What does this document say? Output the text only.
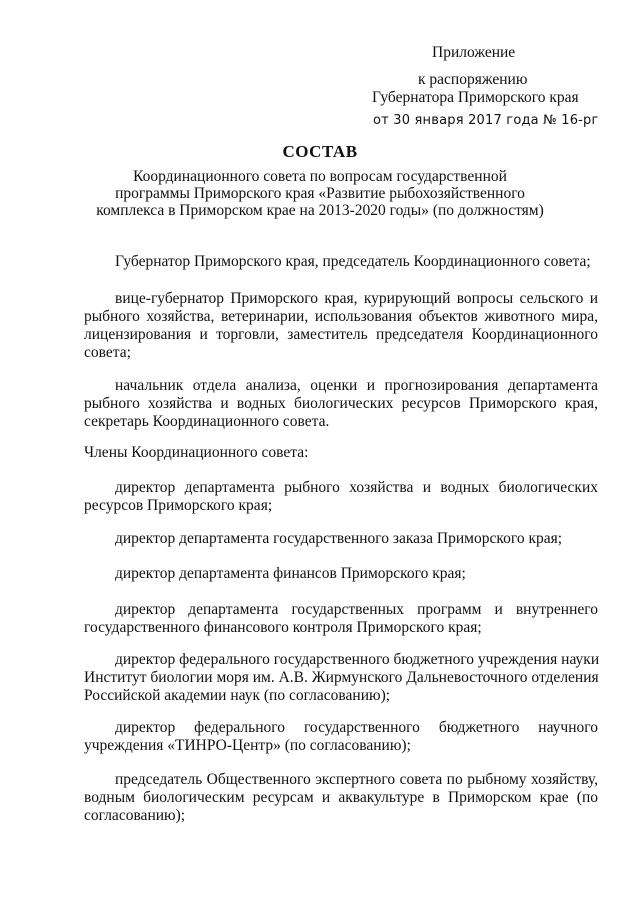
Приложение
к распоряжению
Губернатора Приморского края
от 30 января 2017 года № 16-рг
СОСТАВ
Координационного совета по вопросам государственной
программы Приморского края «Развитие рыбохозяйственного
комплекса в Приморском крае на 2013-2020 годы» (по должностям)
Губернатор Приморского края, председатель Координационного совета;
вице-губернатор Приморского края, курирующий вопросы сельского и
рыбного хозяйства, ветеринарии, использования объектов животного мира,
лицензирования и торговли, заместитель председателя Координационного
совета;
начальник отдела анализа, оценки и прогнозирования департамента
рыбного хозяйства и водных биологических ресурсов Приморского края,
секретарь Координационного совета.
Члены Координационного совета:
директор департамента рыбного хозяйства и водных биологических
ресурсов Приморского края;
директор департамента государственного заказа Приморского края;
директор департамента финансов Приморского края;
директор департамента государственных программ и внутреннего
государственного финансового контроля Приморского края;
директор федерального государственного бюджетного учреждения науки
Институт биологии моря им. А.В. Жирмунского Дальневосточного отделения
Российской академии наук (по согласованию);
директор федерального государственного бюджетного научного
учреждения «ТИНРО-Центр» (по согласованию);
председатель Общественного экспертного совета по рыбному хозяйству,
водным биологическим ресурсам и аквакультуре в Приморском крае (по
согласованию);
